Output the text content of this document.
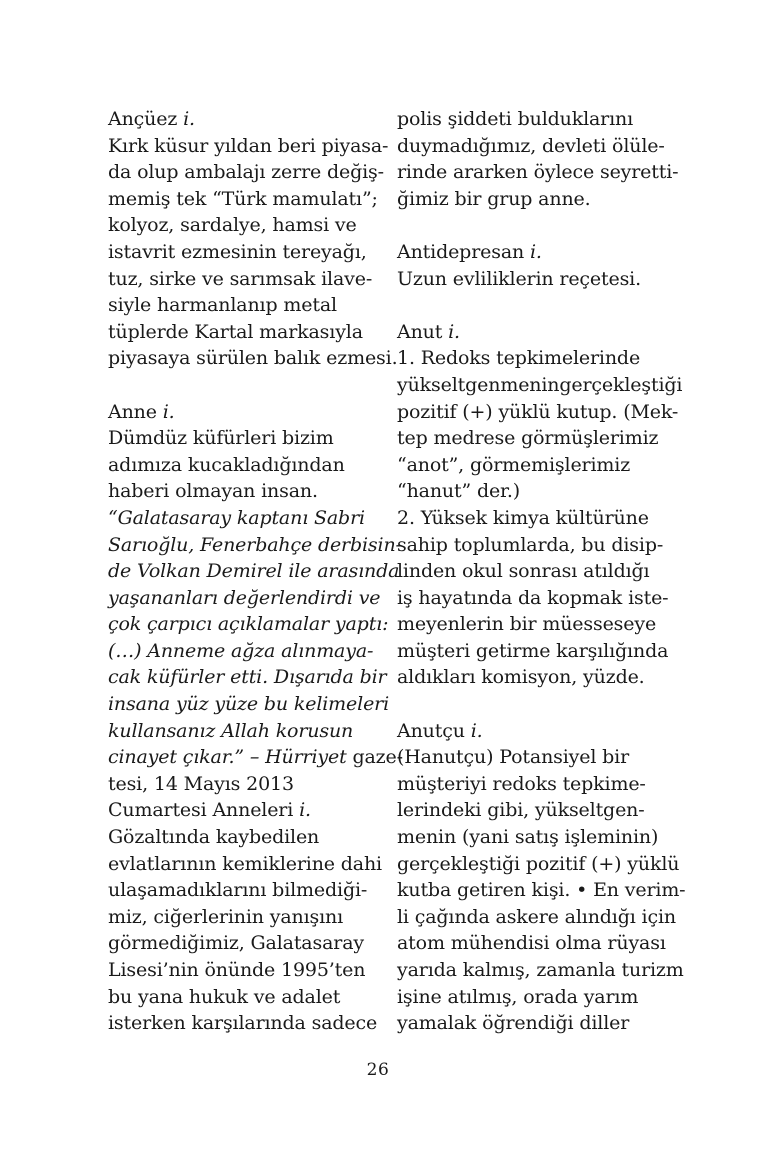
Ançüez i.
Kırk küsur yıldan beri piyasa-
da olup ambalajı zerre değiş-
memiş tek “Türk mamulatı”;
kolyoz, sardalye, hamsi ve
istavrit ezmesinin tereyağı,
tuz, sirke ve sarımsak ilave-
siyle harmanlanıp metal
tüplerde Kartal markasıyla
piyasaya sürülen balık ezmesi.
Anne i.
Dümdüz küfürleri bizim
adımıza kucakladığından
haberi olmayan insan.
“Galatasaray kaptanı Sabri
Sarıoğlu, Fenerbahçe derbisin-
de Volkan Demirel ile arasında
yaşananları değerlendirdi ve
çok çarpıcı açıklamalar yaptı:
(…) Anneme ağza alınmaya-
cak küfürler etti. Dışarıda bir
insana yüz yüze bu kelimeleri
kullansanız Allah korusun
cinayet çıkar.” – Hürriyet gaze-
tesi, 14 Mayıs 2013
Cumartesi Anneleri i.
Gözaltında kaybedilen
evlatlarının kemiklerine dahi
ulaşamadıklarını bilmediği-
miz, ciğerlerinin yanışını
görmediğimiz, Galatasaray
Lisesi’nin önünde 1995’ten
bu yana hukuk ve adalet
isterken karşılarında sadece
polis şiddeti bulduklarını
duymadığımız, devleti ölüle-
rinde ararken öylece seyretti-
ğimiz bir grup anne.
Antidepresan i.
Uzun evliliklerin reçetesi.
Anut i.
1. Redoks tepkimelerinde
yükseltgenmeningerçekleştiği
pozitif (+) yüklü kutup. (Mek-
tep medrese görmüşlerimiz
“anot”, görmemişlerimiz
“hanut” der.)
2. Yüksek kimya kültürüne
sahip toplumlarda, bu disip-
linden okul sonrası atıldığı
iş hayatında da kopmak iste-
meyenlerin bir müesseseye
müşteri getirme karşılığında
aldıkları komisyon, yüzde.
Anutçu i.
(Hanutçu) Potansiyel bir
müşteriyi redoks tepkime-
lerindeki gibi, yükseltgen-
menin (yani satış işleminin)
gerçekleştiği pozitif (+) yüklü
kutba getiren kişi. • En verim-
li çağında askere alındığı için
atom mühendisi olma rüyası
yarıda kalmış, zamanla turizm
işine atılmış, orada yarım
yamalak öğrendiği diller
26
